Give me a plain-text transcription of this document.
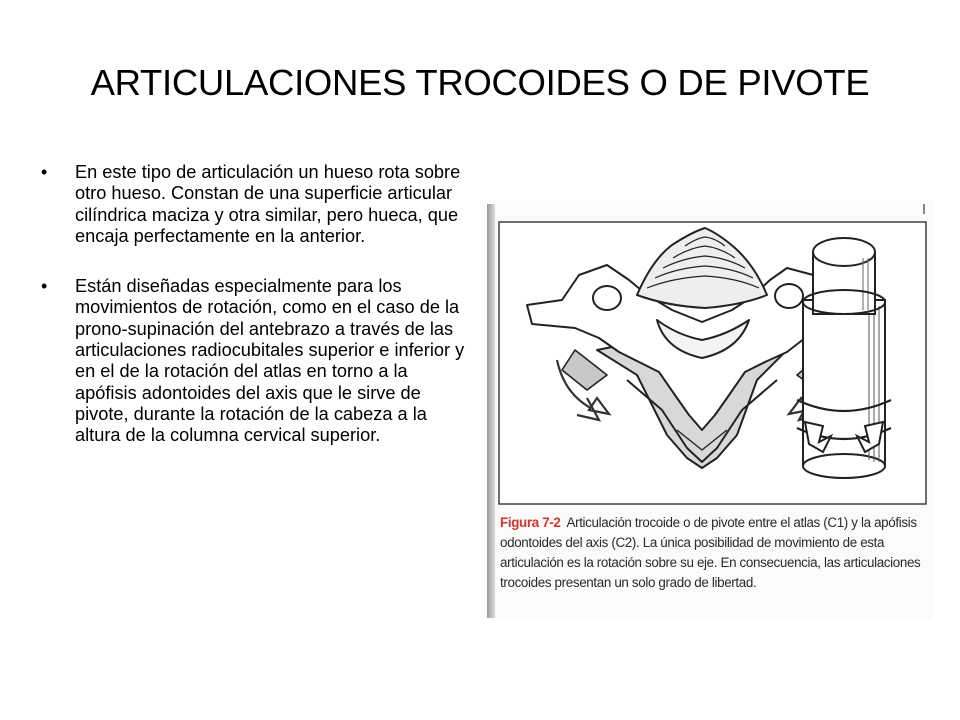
ARTICULACIONES TROCOIDES O DE PIVOTE
• En este tipo de articulación un hueso rota sobre otro hueso. Constan de una superficie articular cilíndrica maciza y otra similar, pero hueca, que encaja perfectamente en la anterior.
• Están diseñadas especialmente para los movimientos de rotación, como en el caso de la prono-supinación del antebrazo a través de las articulaciones radiocubitales superior e inferior y en el de la rotación del atlas en torno a la apófisis adontoides del axis que le sirve de pivote, durante la rotación de la cabeza a la altura de la columna cervical superior.
Figura 7-2 Articulación trocoide o de pivote entre el atlas (C1) y la apófisis odontoides del axis (C2). La única posibilidad de movimiento de esta articulación es la rotación sobre su eje. En consecuencia, las articulaciones trocoides presentan un solo grado de libertad.
